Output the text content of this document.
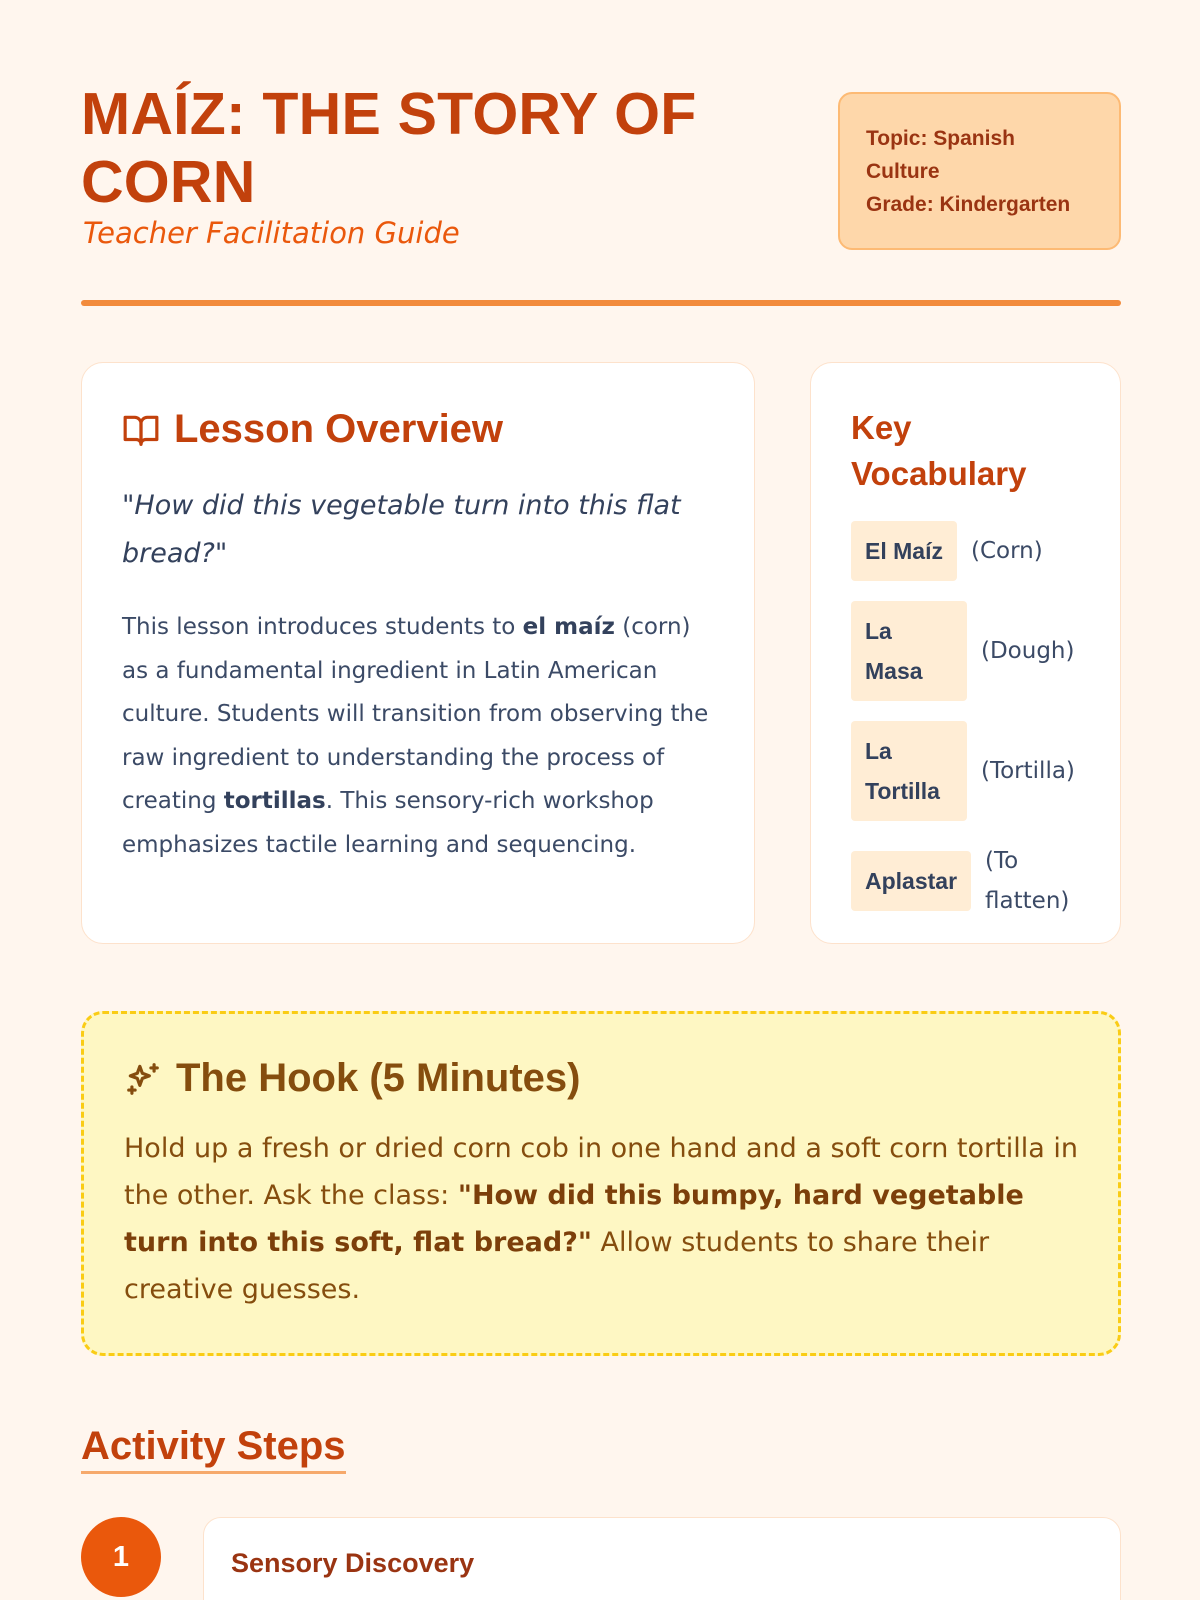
MAÍZ: THE STORY OF CORN
Teacher Facilitation Guide
Topic: Spanish Culture
Grade: Kindergarten
Lesson Overview

"How did this vegetable turn into this flat bread?"

This lesson introduces students to el maíz (corn) as a fundamental ingredient in Latin American culture. Students will transition from observing the raw ingredient to understanding the process of creating tortillas. This sensory-rich workshop emphasizes tactile learning and sequencing.

Key Vocabulary
El Maíz	(Corn)
La Masa
(Dough)
La Tortilla
(Tortilla)
Aplastar
(To flatten)
The Hook (5 Minutes)

Hold up a fresh or dried corn cob in one hand and a soft corn tortilla in the other. Ask the class: "How did this bumpy, hard vegetable turn into this soft, flat bread?" Allow students to share their creative guesses.

Activity Steps
1	Sensory Discovery
